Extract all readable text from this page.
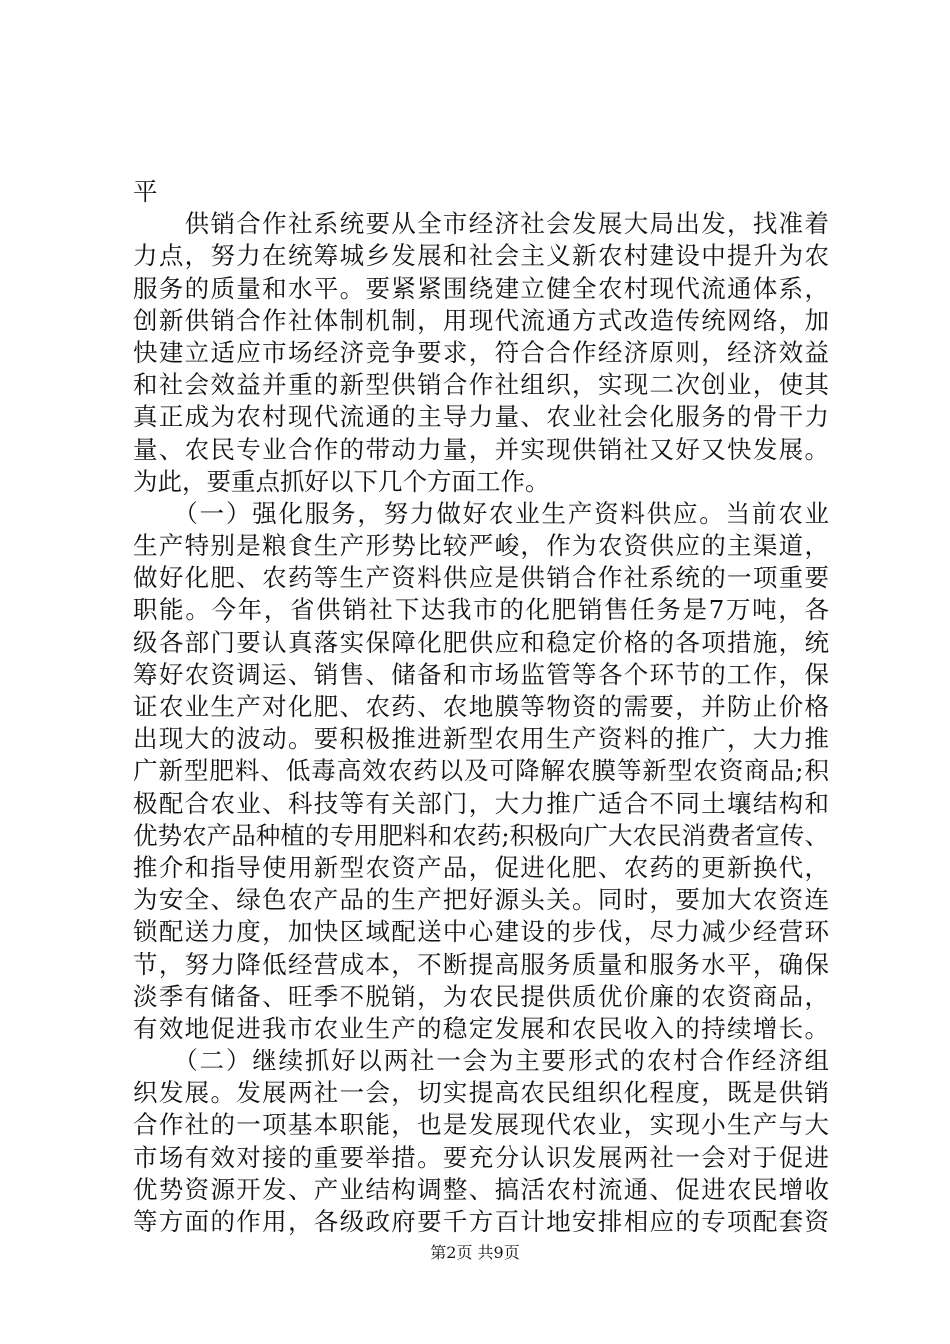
平
　　供销合作社系统要从全市经济社会发展大局出发，找准着
力点，努力在统筹城乡发展和社会主义新农村建设中提升为农
服务的质量和水平。要紧紧围绕建立健全农村现代流通体系，
创新供销合作社体制机制，用现代流通方式改造传统网络，加
快建立适应市场经济竞争要求，符合合作经济原则，经济效益
和社会效益并重的新型供销合作社组织，实现二次创业，使其
真正成为农村现代流通的主导力量、农业社会化服务的骨干力
量、农民专业合作的带动力量，并实现供销社又好又快发展。
为此，要重点抓好以下几个方面工作。
　　（一）强化服务，努力做好农业生产资料供应。当前农业
生产特别是粮食生产形势比较严峻，作为农资供应的主渠道，
做好化肥、农药等生产资料供应是供销合作社系统的一项重要
职能。今年，省供销社下达我市的化肥销售任务是7万吨，各
级各部门要认真落实保障化肥供应和稳定价格的各项措施，统
筹好农资调运、销售、储备和市场监管等各个环节的工作，保
证农业生产对化肥、农药、农地膜等物资的需要，并防止价格
出现大的波动。要积极推进新型农用生产资料的推广，大力推
广新型肥料、低毒高效农药以及可降解农膜等新型农资商品;积
极配合农业、科技等有关部门，大力推广适合不同土壤结构和
优势农产品种植的专用肥料和农药;积极向广大农民消费者宣传、
推介和指导使用新型农资产品，促进化肥、农药的更新换代，
为安全、绿色农产品的生产把好源头关。同时，要加大农资连
锁配送力度，加快区域配送中心建设的步伐，尽力减少经营环
节，努力降低经营成本，不断提高服务质量和服务水平，确保
淡季有储备、旺季不脱销，为农民提供质优价廉的农资商品，
有效地促进我市农业生产的稳定发展和农民收入的持续增长。
　　（二）继续抓好以两社一会为主要形式的农村合作经济组
织发展。发展两社一会，切实提高农民组织化程度，既是供销
合作社的一项基本职能，也是发展现代农业，实现小生产与大
市场有效对接的重要举措。要充分认识发展两社一会对于促进
优势资源开发、产业结构调整、搞活农村流通、促进农民增收
等方面的作用，各级政府要千方百计地安排相应的专项配套资
第2页 共9页
